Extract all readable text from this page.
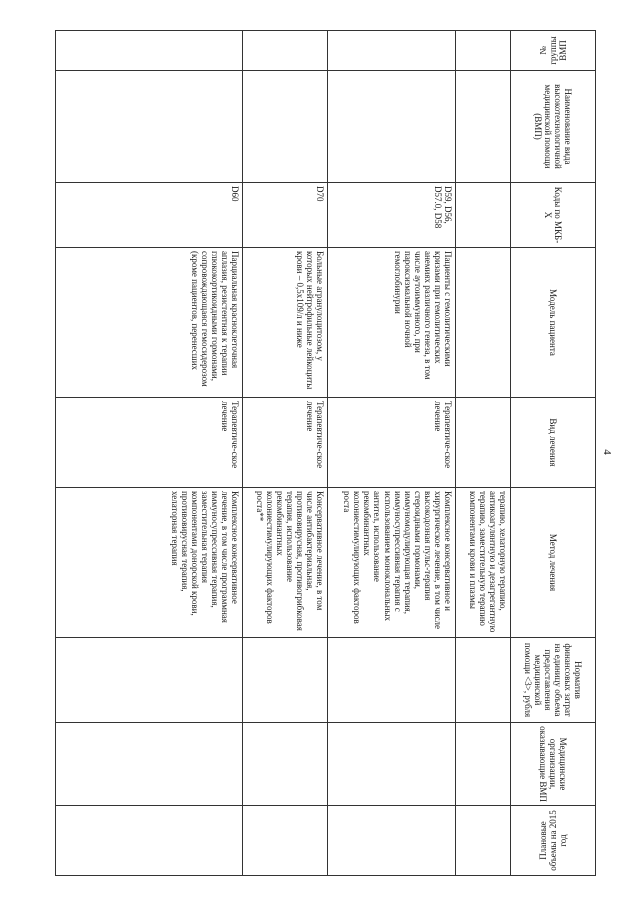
4
№ группы ВМП	Наименование вида высокотехнологичной медицинской помощи (ВМП)	Коды по МКБ-X	Модель пациента	Вид лечения	Метод лечения	Норматив финансовых затрат на единицу объема предоставления медицинской помощи <3>, рубля	Медицинские организации, оказывающие ВМП	Плановые объемы на 2015 год

					терапию, хелаторную терапию, антикоагулянтную и дезагрегантную терапию, заместительную терапию компонентами крови и плазмы			
		D59, D56, D57.0, D58	Пациенты с гемолитическими кризами при гемолитических анемиях различного генеза, в том числе аутоиммунного, при пароксизмальной ночной гемоглобинурии	Терапевтиче-ское лечение	Комплексное консервативное и хирургическое лечение, в том числе высокодозная пульс-терапия стероидными гормонами, иммуномодулирующая терапия, иммуносупрессивная терапия с использованием моноклональных антител, использование рекомбинантных колониестимулирующих факторов роста			
		D70	Больные агранулоцитозом, у которых нейтрофильные лейкоциты крови – 0,5х109/л и ниже	Терапевтиче-ское лечение	Консервативное лечение, в том числе антибактериальная, противовирусная, противогрибковая терапия, использование рекомбинантных колониестимулирующих факторов роста**			
		D60	Парциальная красноклеточная аплазия, резистентная к терапии глюкокортикоидными гормонами, сопровождающаяся гемосидерозом (кроме пациентов, перенесших	Терапевтиче-ское лечение	Комплексное консервативное лечение, в том числе программная иммуносупрессивная терапия, заместительная терапия компонентами донорской крови, противовирусная терапия, хелаторная терапия			
